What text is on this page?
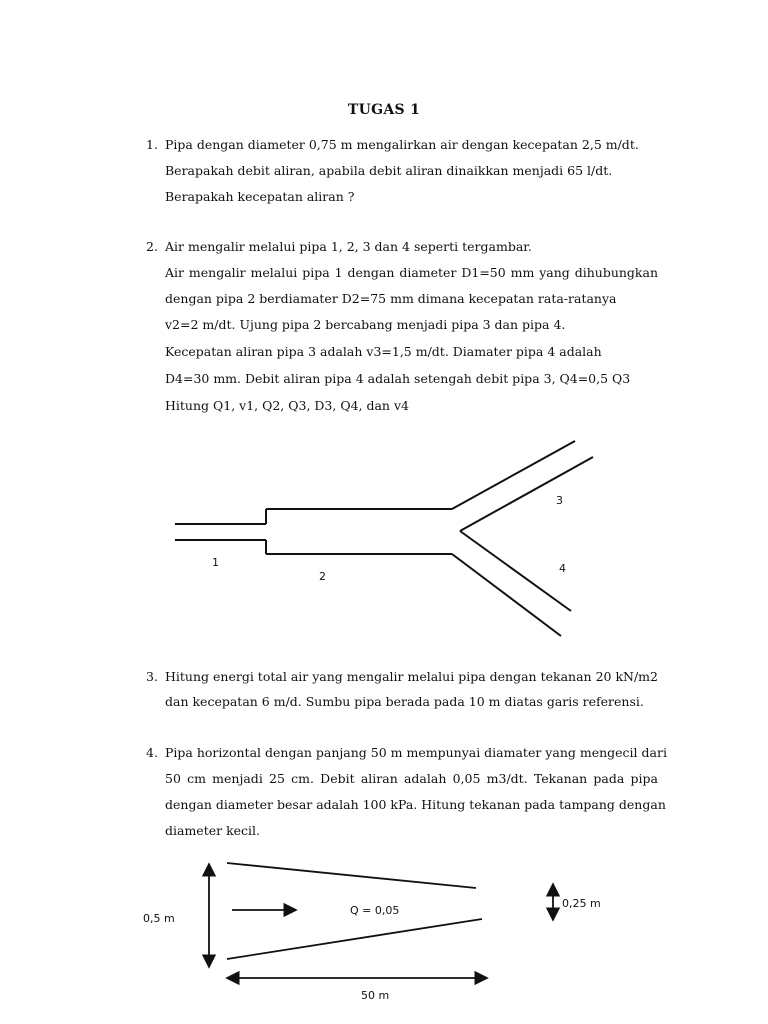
TUGAS 1
1. Pipa dengan diameter 0,75 m mengalirkan air dengan kecepatan 2,5 m/dt.
Berapakah debit aliran, apabila debit aliran dinaikkan menjadi 65 l/dt.
Berapakah kecepatan aliran ?
2. Air mengalir melalui pipa 1, 2, 3 dan 4 seperti tergambar.
Air mengalir melalui pipa 1 dengan diameter D1=50 mm yang dihubungkan
dengan pipa 2 berdiamater D2=75 mm dimana kecepatan rata-ratanya
v2=2 m/dt. Ujung pipa 2 bercabang menjadi pipa 3 dan pipa 4.
Kecepatan aliran pipa 3 adalah v3=1,5 m/dt. Diamater pipa 4 adalah
D4=30 mm. Debit aliran pipa 4 adalah setengah debit pipa 3, Q4=0,5 Q3
Hitung Q1, v1, Q2, Q3, D3, Q4, dan v4
1
2
3
4
3. Hitung energi total air yang mengalir melalui pipa dengan tekanan 20 kN/m2
dan kecepatan 6 m/d. Sumbu pipa berada pada 10 m diatas garis referensi.
4. Pipa horizontal dengan panjang 50 m mempunyai diamater yang mengecil dari
50 cm menjadi 25 cm. Debit aliran adalah 0,05 m3/dt. Tekanan pada pipa
dengan diameter besar adalah 100 kPa. Hitung tekanan pada tampang dengan
diameter kecil.
0,5 m
0,25 m
Q = 0,05
50 m
